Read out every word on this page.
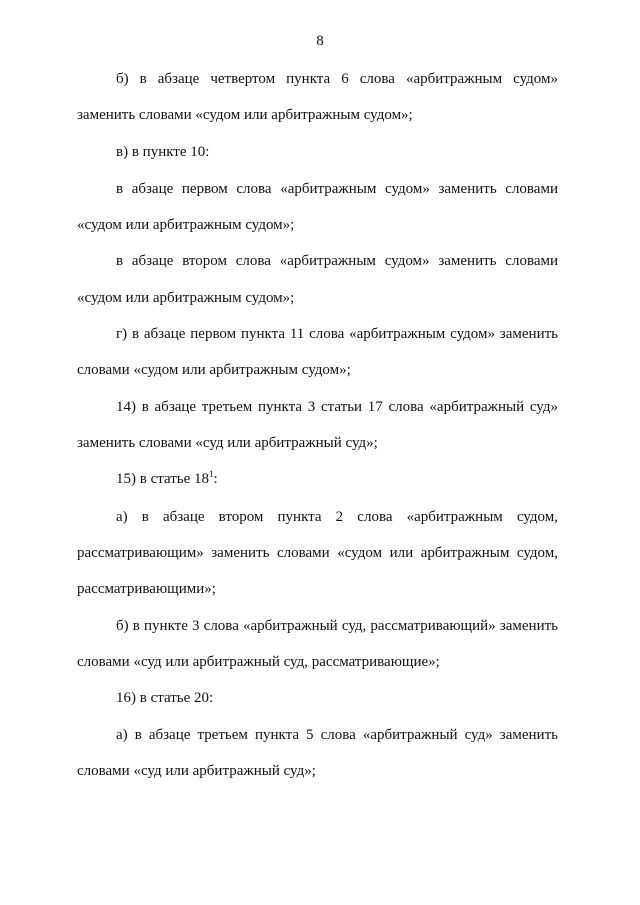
8
б) в абзаце четвертом пункта 6 слова «арбитражным судом»
заменить словами «судом или арбитражным судом»;
в) в пункте 10:
в абзаце первом слова «арбитражным судом» заменить словами
«судом или арбитражным судом»;
в абзаце втором слова «арбитражным судом» заменить словами
«судом или арбитражным судом»;
г) в абзаце первом пункта 11 слова «арбитражным судом» заменить
словами «судом или арбитражным судом»;
14) в абзаце третьем пункта 3 статьи 17 слова «арбитражный суд»
заменить словами «суд или арбитражный суд»;
15) в статье $18^1$:
а) в абзаце втором пункта 2 слова «арбитражным судом,
рассматривающим» заменить словами «судом или арбитражным судом,
рассматривающими»;
б) в пункте 3 слова «арбитражный суд, рассматривающий» заменить
словами «суд или арбитражный суд, рассматривающие»;
16) в статье 20:
а) в абзаце третьем пункта 5 слова «арбитражный суд» заменить
словами «суд или арбитражный суд»;
